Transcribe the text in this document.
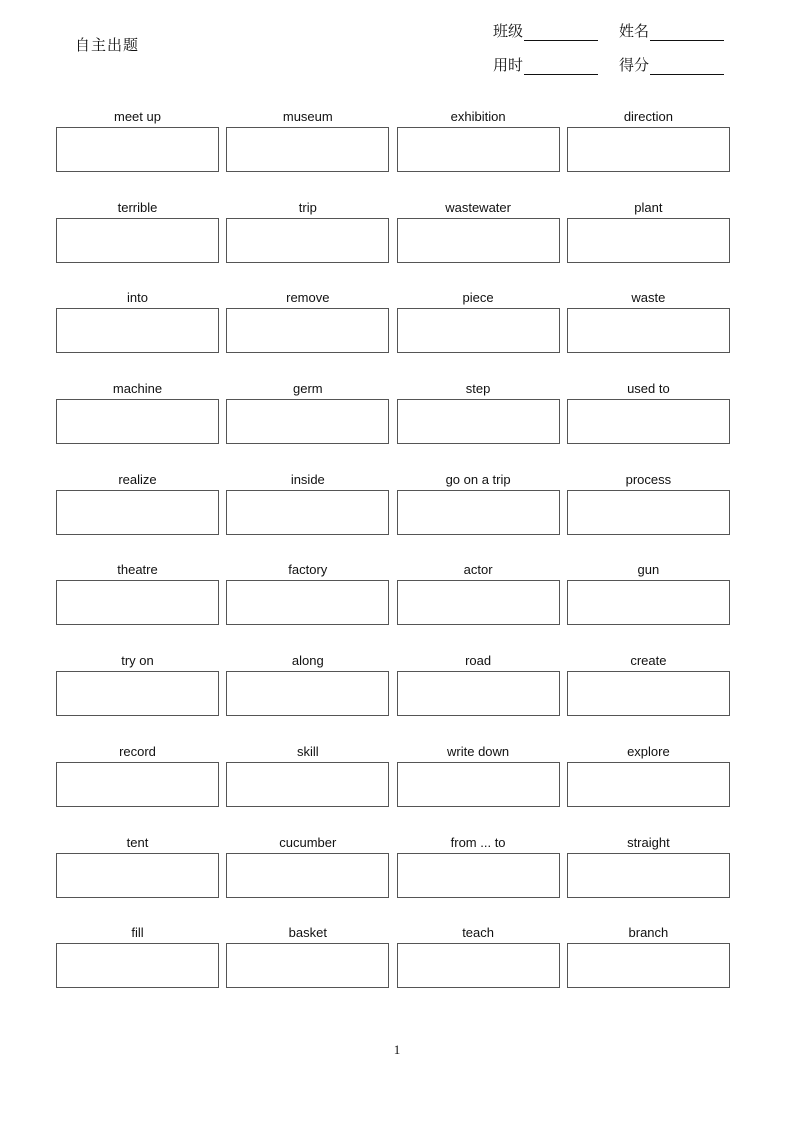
自主出题
班级	姓名
用时	得分
meet up	museum	exhibition	direction
terrible	trip	wastewater	plant
into	remove	piece	waste
machine	germ	step	used to
realize	inside	go on a trip	process
theatre	factory	actor	gun
try on	along	road	create
record	skill	write down	explore
tent	cucumber	from ... to	straight
fill	basket	teach	branch
1
